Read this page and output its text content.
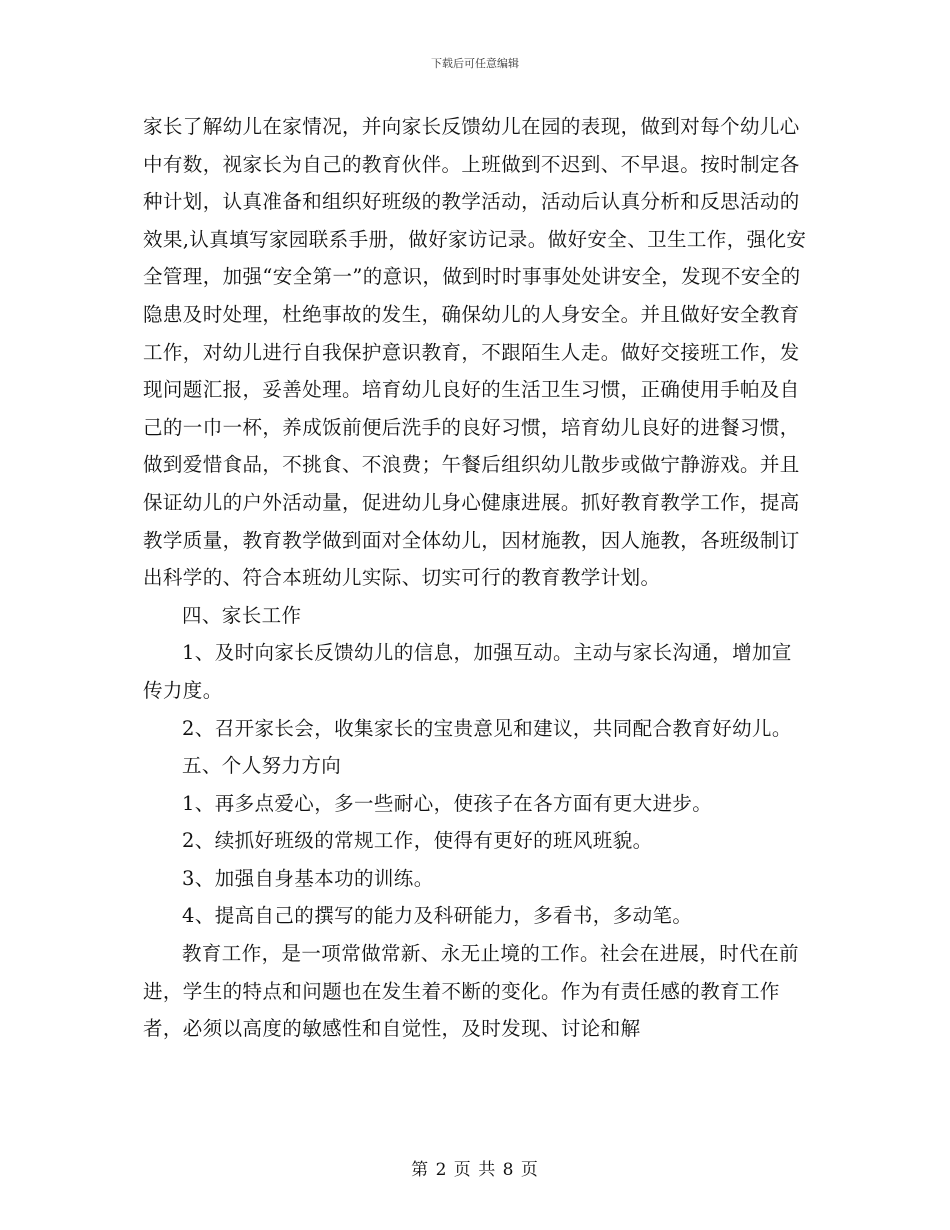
下载后可任意编辑

家长了解幼儿在家情况，并向家长反馈幼儿在园的表现，做到对每个幼儿心中有数，视家长为自己的教育伙伴。上班做到不迟到、不早退。按时制定各种计划，认真准备和组织好班级的教学活动，活动后认真分析和反思活动的效果,认真填写家园联系手册，做好家访记录。做好安全、卫生工作，强化安全管理，加强“安全第一”的意识，做到时时事事处处讲安全，发现不安全的隐患及时处理，杜绝事故的发生，确保幼儿的人身安全。并且做好安全教育工作，对幼儿进行自我保护意识教育，不跟陌生人走。做好交接班工作，发现问题汇报，妥善处理。培育幼儿良好的生活卫生习惯，正确使用手帕及自己的一巾一杯，养成饭前便后洗手的良好习惯，培育幼儿良好的进餐习惯，做到爱惜食品，不挑食、不浪费；午餐后组织幼儿散步或做宁静游戏。并且保证幼儿的户外活动量，促进幼儿身心健康进展。抓好教育教学工作，提高教学质量，教育教学做到面对全体幼儿，因材施教，因人施教，各班级制订出科学的、符合本班幼儿实际、切实可行的教育教学计划。

四、家长工作

1、及时向家长反馈幼儿的信息，加强互动。主动与家长沟通，增加宣传力度。

2、召开家长会，收集家长的宝贵意见和建议，共同配合教育好幼儿。

五、个人努力方向

1、再多点爱心，多一些耐心，使孩子在各方面有更大进步。

2、续抓好班级的常规工作，使得有更好的班风班貌。

3、加强自身基本功的训练。

4、提高自己的撰写的能力及科研能力，多看书，多动笔。

教育工作，是一项常做常新、永无止境的工作。社会在进展，时代在前进，学生的特点和问题也在发生着不断的变化。作为有责任感的教育工作者，必须以高度的敏感性和自觉性，及时发现、讨论和解

第 2 页 共 8 页
